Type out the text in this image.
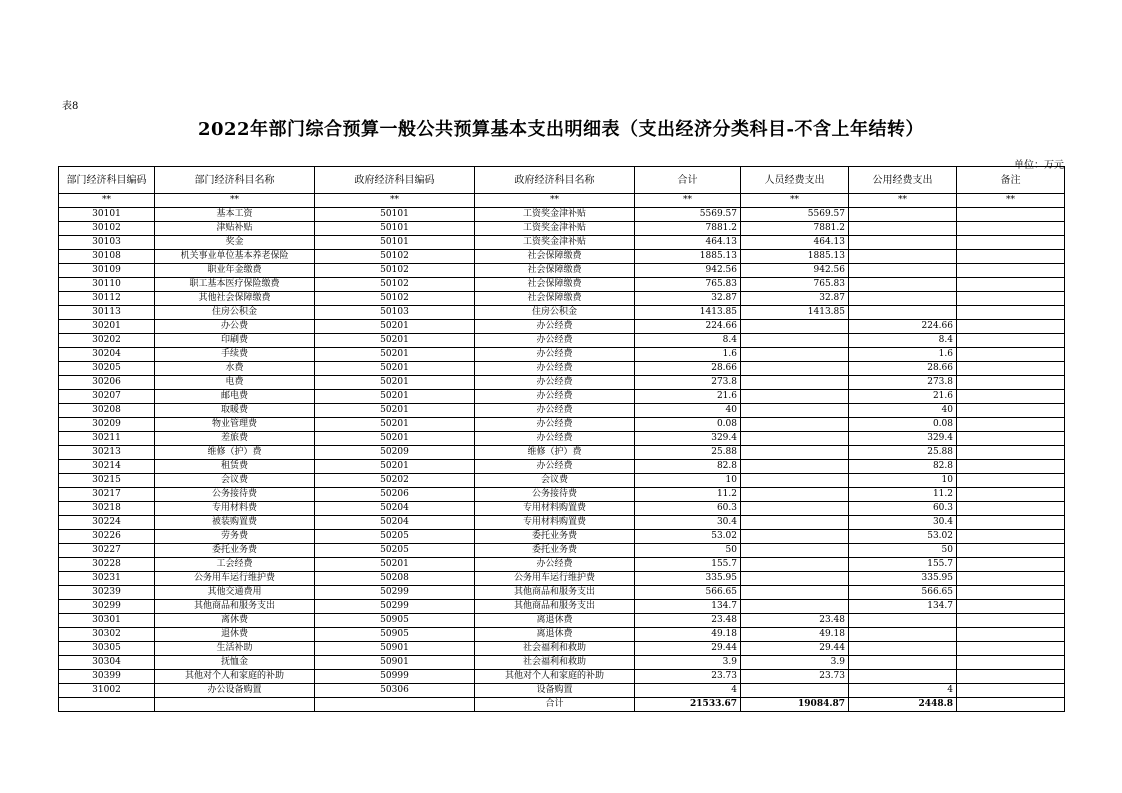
表8
2022年部门综合预算一般公共预算基本支出明细表（支出经济分类科目-不含上年结转）
单位：万元
部门经济科目编码	部门经济科目名称	政府经济科目编码	政府经济科目名称	合计	人员经费支出	公用经费支出	备注
**	**	**	**	**	**	**	**
30101	基本工资	50101	工资奖金津补贴	5569.57	5569.57		
30102	津贴补贴	50101	工资奖金津补贴	7881.2	7881.2		
30103	奖金	50101	工资奖金津补贴	464.13	464.13		
30108	机关事业单位基本养老保险	50102	社会保障缴费	1885.13	1885.13		
30109	职业年金缴费	50102	社会保障缴费	942.56	942.56		
30110	职工基本医疗保险缴费	50102	社会保障缴费	765.83	765.83		
30112	其他社会保障缴费	50102	社会保障缴费	32.87	32.87		
30113	住房公积金	50103	住房公积金	1413.85	1413.85		
30201	办公费	50201	办公经费	224.66		224.66	
30202	印刷费	50201	办公经费	8.4		8.4	
30204	手续费	50201	办公经费	1.6		1.6	
30205	水费	50201	办公经费	28.66		28.66	
30206	电费	50201	办公经费	273.8		273.8	
30207	邮电费	50201	办公经费	21.6		21.6	
30208	取暖费	50201	办公经费	40		40	
30209	物业管理费	50201	办公经费	0.08		0.08	
30211	差旅费	50201	办公经费	329.4		329.4	
30213	维修（护）费	50209	维修（护）费	25.88		25.88	
30214	租赁费	50201	办公经费	82.8		82.8	
30215	会议费	50202	会议费	10		10	
30217	公务接待费	50206	公务接待费	11.2		11.2	
30218	专用材料费	50204	专用材料购置费	60.3		60.3	
30224	被装购置费	50204	专用材料购置费	30.4		30.4	
30226	劳务费	50205	委托业务费	53.02		53.02	
30227	委托业务费	50205	委托业务费	50		50	
30228	工会经费	50201	办公经费	155.7		155.7	
30231	公务用车运行维护费	50208	公务用车运行维护费	335.95		335.95	
30239	其他交通费用	50299	其他商品和服务支出	566.65		566.65	
30299	其他商品和服务支出	50299	其他商品和服务支出	134.7		134.7	
30301	离休费	50905	离退休费	23.48	23.48		
30302	退休费	50905	离退休费	49.18	49.18		
30305	生活补助	50901	社会福利和救助	29.44	29.44		
30304	抚恤金	50901	社会福利和救助	3.9	3.9		
30399	其他对个人和家庭的补助	50999	其他对个人和家庭的补助	23.73	23.73		
31002	办公设备购置	50306	设备购置	4		4	
			合计	21533.67	19084.87	2448.8	
